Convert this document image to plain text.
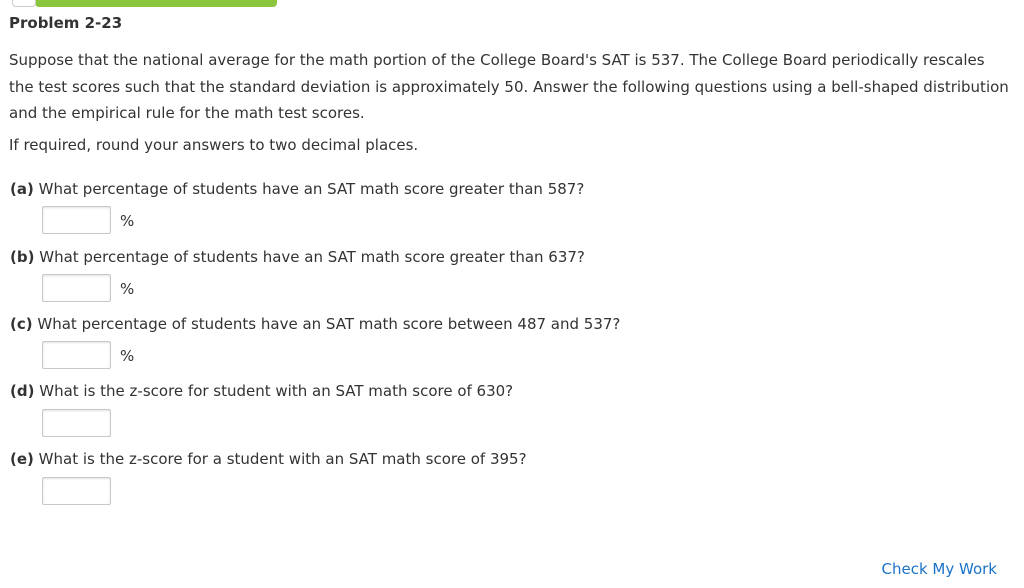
Problem 2-23

Suppose that the national average for the math portion of the College Board's SAT is 537. The College Board periodically rescales the test scores such that the standard deviation is approximately 50. Answer the following questions using a bell-shaped distribution and the empirical rule for the math test scores.

If required, round your answers to two decimal places.

(a) What percentage of students have an SAT math score greater than 587?

%

(b) What percentage of students have an SAT math score greater than 637?

%

(c) What percentage of students have an SAT math score between 487 and 537?

%

(d) What is the z-score for student with an SAT math score of 630?

(e) What is the z-score for a student with an SAT math score of 395?

Check My Work
